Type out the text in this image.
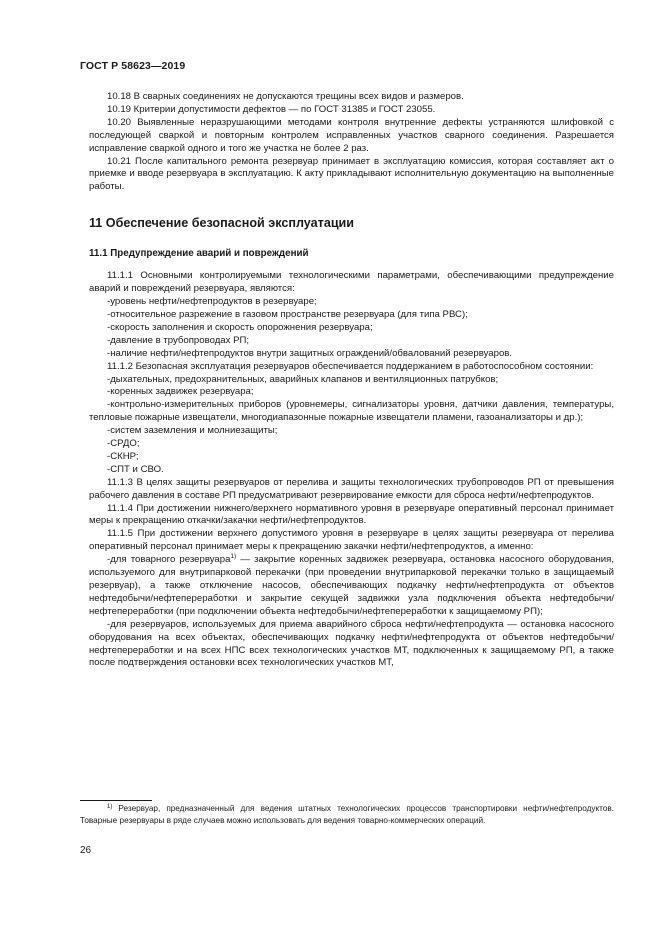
ГОСТ Р 58623—2019

10.18 В сварных соединениях не допускаются трещины всех видов и размеров.

10.19 Критерии допустимости дефектов — по ГОСТ 31385 и ГОСТ 23055.

10.20 Выявленные неразрушающими методами контроля внутренние дефекты устраняются шлифовкой с последующей сваркой и повторным контролем исправленных участков сварного соединения. Разрешается исправление сваркой одного и того же участка не более 2 раз.

10.21 После капитального ремонта резервуар принимает в эксплуатацию комиссия, которая составляет акт о приемке и вводе резервуара в эксплуатацию. К акту прикладывают исполнительную документацию на выполненные работы.

11 Обеспечение безопасной эксплуатации
11.1 Предупреждение аварий и повреждений

11.1.1 Основными контролируемыми технологическими параметрами, обеспечивающими предупреждение аварий и повреждений резервуара, являются:

-уровень нефти/нефтепродуктов в резервуаре;

-относительное разрежение в газовом пространстве резервуара (для типа РВС);

-скорость заполнения и скорость опорожнения резервуара;

-давление в трубопроводах РП;

-наличие нефти/нефтепродуктов внутри защитных ограждений/обвалований резервуаров.

11.1.2 Безопасная эксплуатация резервуаров обеспечивается поддержанием в работоспособном состоянии:

-дыхательных, предохранительных, аварийных клапанов и вентиляционных патрубков;

-коренных задвижек резервуара;

-контрольно-измерительных приборов (уровнемеры, сигнализаторы уровня, датчики давления, температуры, тепловые пожарные извещатели, многодиапазонные пожарные извещатели пламени, газоанализаторы и др.);

-систем заземления и молниезащиты;

-СРДО;

-СКНР;

-СПТ и СВО.

11.1.3 В целях защиты резервуаров от перелива и защиты технологических трубопроводов РП от превышения рабочего давления в составе РП предусматривают резервирование емкости для сброса нефти/нефтепродуктов.

11.1.4 При достижении нижнего/верхнего нормативного уровня в резервуаре оперативный персонал принимает меры к прекращению откачки/закачки нефти/нефтепродуктов.

11.1.5 При достижении верхнего допустимого уровня в резервуаре в целях защиты резервуара от перелива оперативный персонал принимает меры к прекращению закачки нефти/нефтепродуктов, а именно:

-для товарного резервуара$^{1)}$ — закрытие коренных задвижек резервуара, остановка насосного оборудования, используемого для внутрипарковой перекачки (при проведении внутрипарковой перекачки только в защищаемый резервуар), а также отключение насосов, обеспечивающих подкачку нефти/нефтепродукта от объектов нефтедобычи/нефтепереработки и закрытие секущей задвижки узла подключения объекта нефтедобычи/нефтепереработки (при подключении объекта нефтедобычи/нефтепереработки к защищаемому РП);

-для резервуаров, используемых для приема аварийного сброса нефти/нефтепродукта — остановка насосного оборудования на всех объектах, обеспечивающих подкачку нефти/нефтепродукта от объектов нефтедобычи/нефтепереработки и на всех НПС всех технологических участков МТ, подключенных к защищаемому РП, а также после подтверждения остановки всех технологических участков МТ,

$^{1)}$ Резервуар, предназначенный для ведения штатных технологических процессов транспортировки нефти/нефтепродуктов. Товарные резервуары в ряде случаев можно использовать для ведения товарно-коммерческих операций.
26
